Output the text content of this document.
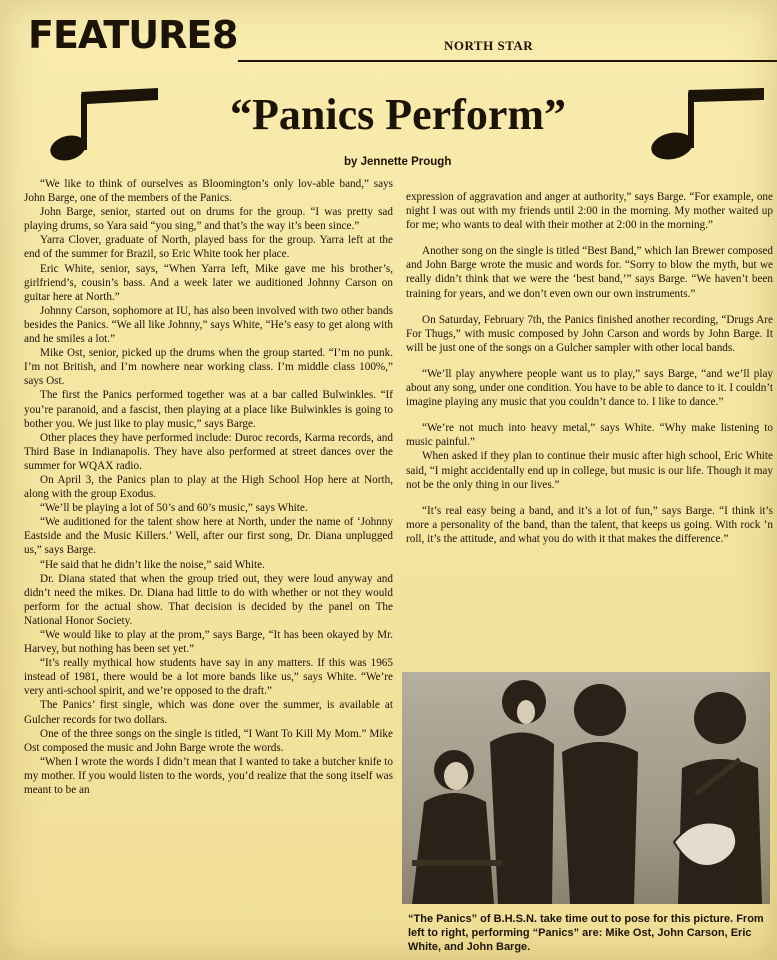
FEATURE 8	NORTH STAR
“Panics Perform”
by Jennette Prough

“We like to think of ourselves as Bloomington’s only lov-able band,” says John Barge, one of the members of the Panics.

John Barge, senior, started out on drums for the group. “I was pretty sad playing drums, so Yara said “you sing,” and that’s the way it’s been since.”

Yarra Clover, graduate of North, played bass for the group. Yarra left at the end of the summer for Brazil, so Eric White took her place.

Eric White, senior, says, “When Yarra left, Mike gave me his brother’s, girlfriend’s, cousin’s bass. And a week later we auditioned Johnny Carson on guitar here at North.”

Johnny Carson, sophomore at IU, has also been involved with two other bands besides the Panics. “We all like Johnny,” says White, “He’s easy to get along with and he smiles a lot.”

Mike Ost, senior, picked up the drums when the group started. “I’m no punk. I’m not British, and I’m nowhere near working class. I’m middle class 100%,” says Ost.

The first the Panics performed together was at a bar called Bulwinkles. “If you’re paranoid, and a fascist, then playing at a place like Bulwinkles is going to bother you. We just like to play music,” says Barge.

Other places they have performed include: Duroc records, Karma records, and Third Base in Indianapolis. They have also performed at street dances over the summer for WQAX radio.

On April 3, the Panics plan to play at the High School Hop here at North, along with the group Exodus.

“We’ll be playing a lot of 50’s and 60’s music,” says White.

“We auditioned for the talent show here at North, under the name of ‘Johnny Eastside and the Music Killers.’ Well, after our first song, Dr. Diana unplugged us,” says Barge.

“He said that he didn’t like the noise,” said White.

Dr. Diana stated that when the group tried out, they were loud anyway and didn’t need the mikes. Dr. Diana had little to do with whether or not they would perform for the actual show. That decision is decided by the panel on The National Honor Society.

“We would like to play at the prom,” says Barge, “It has been okayed by Mr. Harvey, but nothing has been set yet.”

“It’s really mythical how students have say in any matters. If this was 1965 instead of 1981, there would be a lot more bands like us,” says White. “We’re very anti-school spirit, and we’re opposed to the draft.”

The Panics’ first single, which was done over the summer, is available at Gulcher records for two dollars.

One of the three songs on the single is titled, “I Want To Kill My Mom.” Mike Ost composed the music and John Barge wrote the words.

“When I wrote the words I didn’t mean that I wanted to take a butcher knife to my mother. If you would listen to the words, you’d realize that the song itself was meant to be an

expression of aggravation and anger at authority,” says Barge. “For example, one night I was out with my friends until 2:00 in the morning. My mother waited up for me; who wants to deal with their mother at 2:00 in the morning.”

Another song on the single is titled “Best Band,” which Ian Brewer composed and John Barge wrote the music and words for. “Sorry to blow the myth, but we really didn’t think that we were the ‘best band,’” says Barge. “We haven’t been training for years, and we don’t even own our own instruments.”

On Saturday, February 7th, the Panics finished another recording, “Drugs Are For Thugs,” with music composed by John Carson and words by John Barge. It will be just one of the songs on a Gulcher sampler with other local bands.

“We’ll play anywhere people want us to play,” says Barge, “and we’ll play about any song, under one condition. You have to be able to dance to it. I couldn’t imagine playing any music that you couldn’t dance to. I like to dance.”

“We’re not much into heavy metal,” says White. “Why make listening to music painful.”

When asked if they plan to continue their music after high school, Eric White said, “I might accidentally end up in college, but music is our life. Though it may not be the only thing in our lives.”

“It’s real easy being a band, and it’s a lot of fun,” says Barge. “I think it’s more a personality of the band, than the talent, that keeps us going. With rock ’n roll, it’s the attitude, and what you do with it that makes the difference.”

“The Panics” of B.H.S.N. take time out to pose for this picture. From left to right, performing “Panics” are: Mike Ost, John Carson, Eric White, and John Barge.
